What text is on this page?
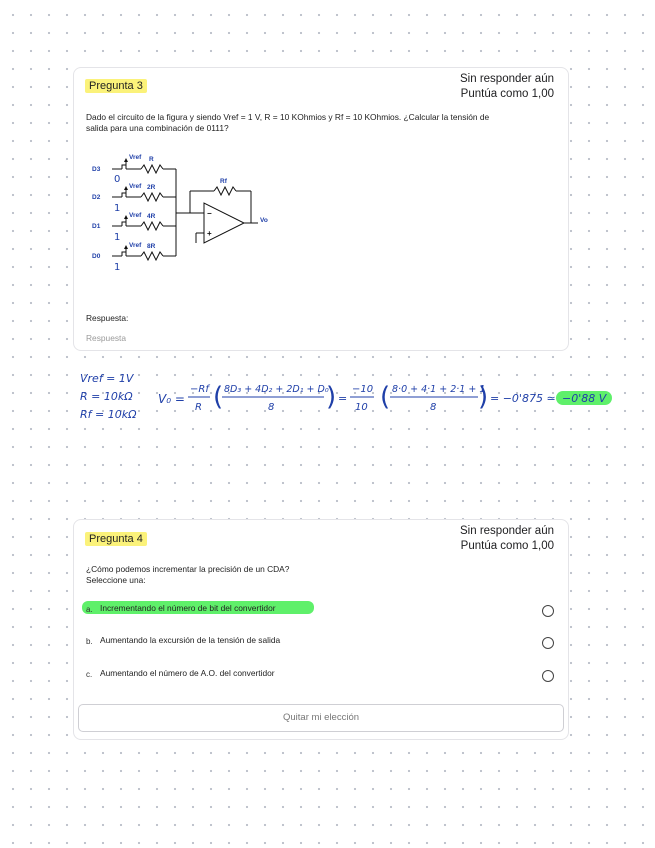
Pregunta 3
Sin responder aún
Puntúa como 1,00
Dado el circuito de la figura y siendo Vref = 1 V, R = 10 KOhmios y Rf = 10 KOhmios. ¿Calcular la tensión de
salida para una combinación de 0111?
D3
D2
D1
D0
Vref
Vref
Vref
Vref
R
2R
4R
8R
Rf
Vo
−
+
0
1
1
1
Respuesta:
Respuesta
Vref = 1V
R = 10kΩ
Rf = 10kΩ
V₀ =
−Rf
R ( 8D₃ + 4D₂ + 2D₁ + D₀
8 ) =
−10
10 ( 8·0 + 4·1 + 2·1 + 1
8 ) = −0'875 ≃ −0'88 V
Pregunta 4
Sin responder aún
Puntúa como 1,00
¿Cómo podemos incrementar la precisión de un CDA?
Seleccione una:
a. Incrementando el número de bit del convertidor
b. Aumentando la excursión de la tensión de salida
c. Aumentando el número de A.O. del convertidor
Quitar mi elección
